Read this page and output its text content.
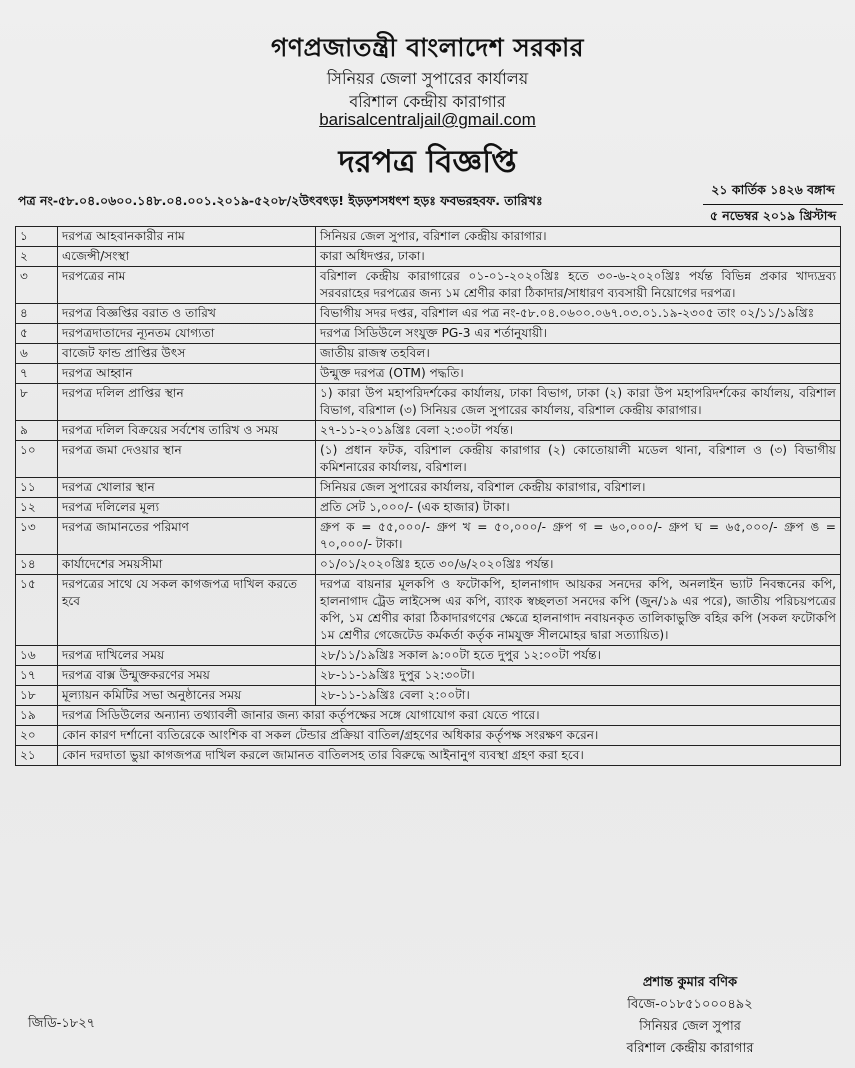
গণপ্রজাতন্ত্রী বাংলাদেশ সরকার
সিনিয়র জেলা সুপারের কার্যালয়
বরিশাল কেন্দ্রীয় কারাগার
barisalcentraljail@gmail.com
দরপত্র বিজ্ঞপ্তি
পত্র নং-৫৮.০৪.০৬০০.১৪৮.০৪.০০১.২০১৯-৫২০৮/২উৎবৎড়! ইড়ড়শসধৎশ হড়ঃ ফবভরহবফ. তারিখঃ
২১ কার্তিক ১৪২৬ বঙ্গাব্দ
৫ নভেম্বর ২০১৯ খ্রিস্টাব্দ
১	দরপত্র আহবানকারীর নাম	সিনিয়র জেল সুপার, বরিশাল কেন্দ্রীয় কারাগার।
২	এজেন্সী/সংস্থা	কারা অধিদপ্তর, ঢাকা।
৩	দরপত্রের নাম	বরিশাল কেন্দ্রীয় কারাগারের ০১-০১-২০২০খ্রিঃ হতে ৩০-৬-২০২০খ্রিঃ পর্যন্ত বিভিন্ন প্রকার খাদ্যদ্রব্য সরবরাহের দরপত্রের জন্য ১ম শ্রেণীর কারা ঠিকাদার/সাধারণ ব্যবসায়ী নিয়োগের দরপত্র।
৪	দরপত্র বিজ্ঞপ্তির বরাত ও তারিখ	বিভাগীয় সদর দপ্তর, বরিশাল এর পত্র নং-৫৮.০৪.০৬০০.০৬৭.০৩.০১.১৯-২৩০৫ তাং ০২/১১/১৯খ্রিঃ
৫	দরপত্রদাতাদের ন্যূনতম যোগ্যতা	দরপত্র সিডিউলে সংযুক্ত PG-3 এর শর্তানুযায়ী।
৬	বাজেট ফান্ড প্রাপ্তির উৎস	জাতীয় রাজস্ব তহবিল।
৭	দরপত্র আহ্বান	উন্মুক্ত দরপত্র (OTM) পদ্ধতি।
৮	দরপত্র দলিল প্রাপ্তির স্থান	১) কারা উপ মহাপরিদর্শকের কার্যালয়, ঢাকা বিভাগ, ঢাকা (২) কারা উপ মহাপরিদর্শকের কার্যালয়, বরিশাল বিভাগ, বরিশাল (৩) সিনিয়র জেল সুপারের কার্যালয়, বরিশাল কেন্দ্রীয় কারাগার।
৯	দরপত্র দলিল বিক্রয়ের সর্বশেষ তারিখ ও সময়	২৭-১১-২০১৯খ্রিঃ বেলা ২:৩০টা পর্যন্ত।
১০	দরপত্র জমা দেওয়ার স্থান	(১) প্রধান ফটক, বরিশাল কেন্দ্রীয় কারাগার (২) কোতোয়ালী মডেল থানা, বরিশাল ও (৩) বিভাগীয় কমিশনারের কার্যালয়, বরিশাল।
১১	দরপত্র খোলার স্থান	সিনিয়র জেল সুপারের কার্যালয়, বরিশাল কেন্দ্রীয় কারাগার, বরিশাল।
১২	দরপত্র দলিলের মূল্য	প্রতি সেট ১,০০০/- (এক হাজার) টাকা।
১৩	দরপত্র জামানতের পরিমাণ	গ্রুপ ক = ৫৫,০০০/- গ্রুপ খ = ৫০,০০০/- গ্রুপ গ = ৬০,০০০/- গ্রুপ ঘ = ৬৫,০০০/- গ্রুপ ঙ = ৭০,০০০/- টাকা।
১৪	কার্যাদেশের সময়সীমা	০১/০১/২০২০খ্রিঃ হতে ৩০/৬/২০২০খ্রিঃ পর্যন্ত।
১৫	দরপত্রের সাথে যে সকল কাগজপত্র দাখিল করতে হবে	দরপত্র বায়নার মূলকপি ও ফটোকপি, হালনাগাদ আয়কর সনদের কপি, অনলাইন ভ্যাট নিবন্ধনের কপি, হালনাগাদ ট্রেড লাইসেন্স এর কপি, ব্যাংক স্বচ্ছলতা সনদের কপি (জুন/১৯ এর পরে), জাতীয় পরিচয়পত্রের কপি, ১ম শ্রেণীর কারা ঠিকাদারগণের ক্ষেত্রে হালনাগাদ নবায়নকৃত তালিকাভুক্তি বহির কপি (সকল ফটোকপি ১ম শ্রেণীর গেজেটেড কর্মকর্তা কর্তৃক নামযুক্ত সীলমোহর দ্বারা সত্যায়িত)।
১৬	দরপত্র দাখিলের সময়	২৮/১১/১৯খ্রিঃ সকাল ৯:০০টা হতে দুপুর ১২:০০টা পর্যন্ত।
১৭	দরপত্র বাক্স উন্মুক্তকরণের সময়	২৮-১১-১৯খ্রিঃ দুপুর ১২:৩০টা।
১৮	মূল্যায়ন কমিটির সভা অনুষ্ঠানের সময়	২৮-১১-১৯খ্রিঃ বেলা ২:০০টা।
১৯	দরপত্র সিডিউলের অন্যান্য তথ্যাবলী জানার জন্য কারা কর্তৃপক্ষের সঙ্গে যোগাযোগ করা যেতে পারে।	
২০	কোন কারণ দর্শানো ব্যতিরেকে আংশিক বা সকল টেন্ডার প্রক্রিয়া বাতিল/গ্রহণের অধিকার কর্তৃপক্ষ সংরক্ষণ করেন।	
২১	কোন দরদাতা ভুয়া কাগজপত্র দাখিল করলে জামানত বাতিলসহ তার বিরুদ্ধে আইনানুগ ব্যবস্থা গ্রহণ করা হবে।	
প্রশান্ত কুমার বণিক
বিজে-০১৮৫১০০০৪৯২
সিনিয়র জেল সুপার
বরিশাল কেন্দ্রীয় কারাগার
জিডি-১৮২৭
